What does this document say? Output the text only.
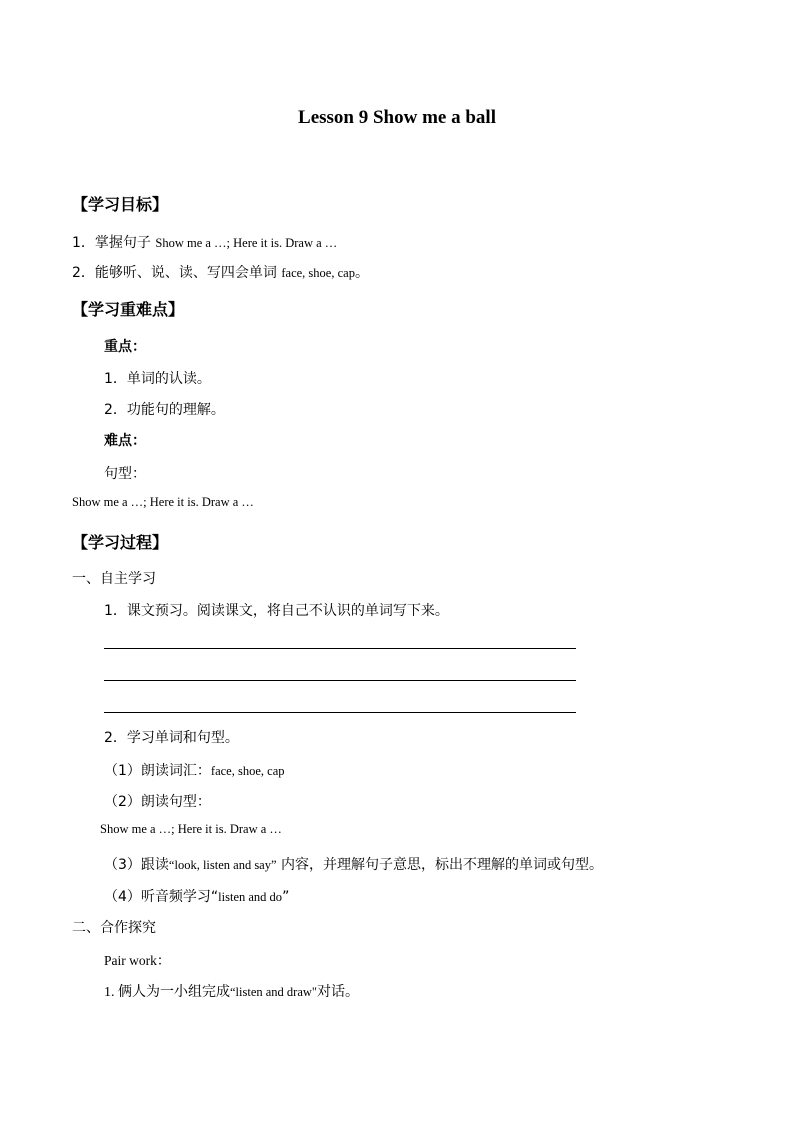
Lesson 9 Show me a ball
【学习目标】
1．掌握句子 Show me a …; Here it is. Draw a …
2．能够听、说、读、写四会单词 face, shoe, cap。
【学习重难点】
重点：
1．单词的认读。
2．功能句的理解。
难点：
句型：
Show me a …; Here it is. Draw a …
【学习过程】
一、自主学习
1．课文预习。阅读课文，将自己不认识的单词写下来。
2．学习单词和句型。
（1）朗读词汇：face, shoe, cap
（2）朗读句型：
Show me a …; Here it is. Draw a …
（3）跟读“look, listen and say” 内容，并理解句子意思，标出不理解的单词或句型。
（4）听音频学习“listen and do”
二、合作探究
Pair work：
1. 俩人为一小组完成“listen and draw"对话。
